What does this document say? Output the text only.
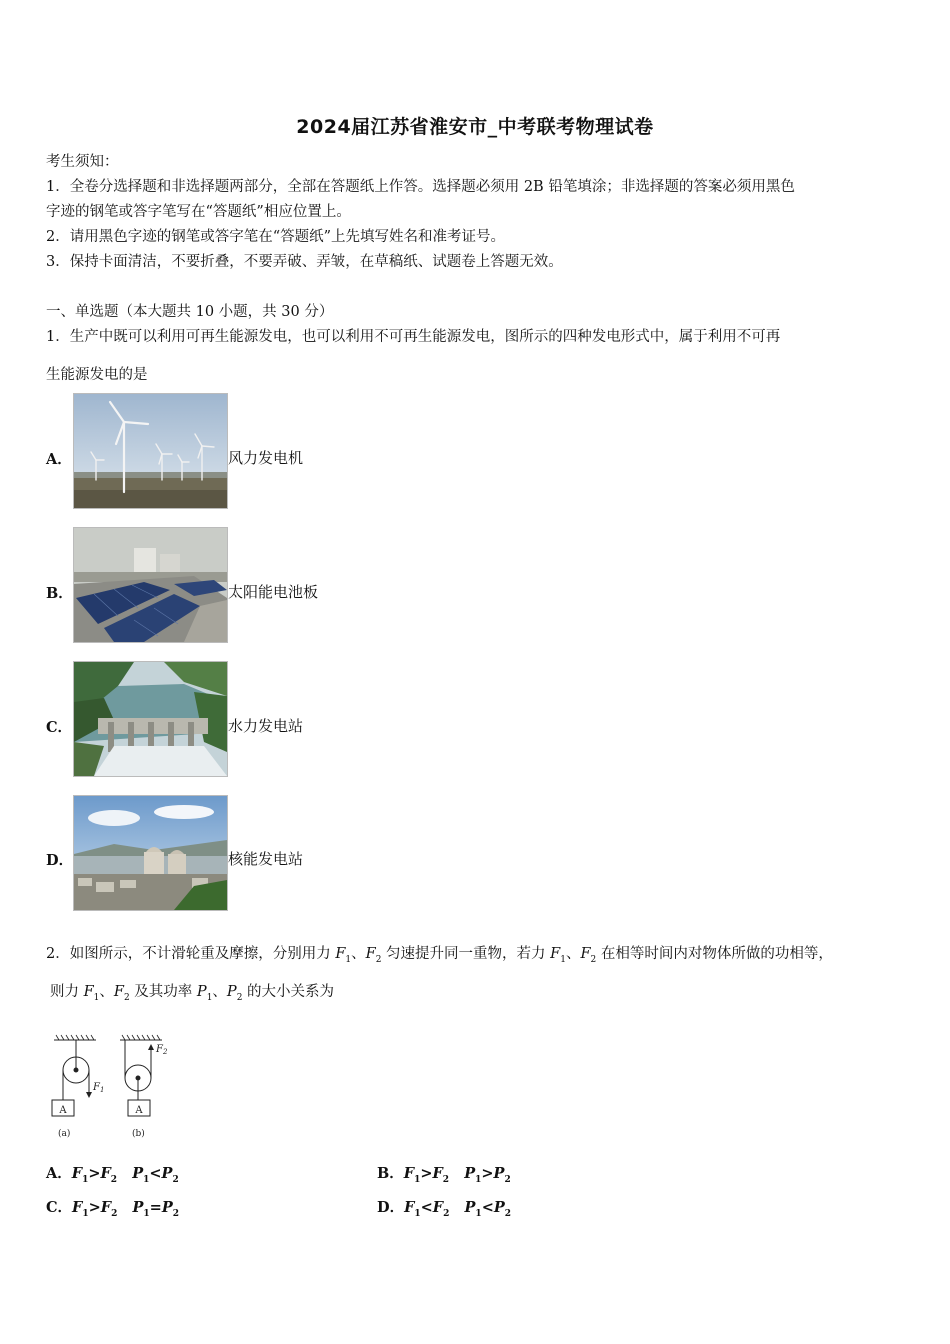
2024届江苏省淮安市_中考联考物理试卷
考生须知：
1．全卷分选择题和非选择题两部分，全部在答题纸上作答。选择题必须用 2B 铅笔填涂；非选择题的答案必须用黑色
字迹的钢笔或答字笔写在“答题纸”相应位置上。
2．请用黑色字迹的钢笔或答字笔在“答题纸”上先填写姓名和准考证号。
3．保持卡面清洁，不要折叠，不要弄破、弄皱，在草稿纸、试题卷上答题无效。
一、单选题（本大题共 10 小题，共 30 分）
1．生产中既可以利用可再生能源发电，也可以利用不可再生能源发电，图所示的四种发电形式中，属于利用不可再
生能源发电的是
A．	风力发电机
B．	太阳能电池板
C．	水力发电站
D．	核能发电站
2．如图所示，不计滑轮重及摩擦，分别用力 $F_1$、$F_2$ 匀速提升同一重物，若力 $F_1$、$F_2$ 在相等时间内对物体所做的功相等，
则力 $F_1$、$F_2$ 及其功率 $P_1$、$P_2$ 的大小关系为
A	A
$F_1$
$F_2$
(a)	(b)
A．$F_1>F_2$ $P_1<P_2$	B．$F_1>F_2$ $P_1>P_2$
C．$F_1>F_2$ $P_1=P_2$	D．$F_1<F_2$ $P_1<P_2$
